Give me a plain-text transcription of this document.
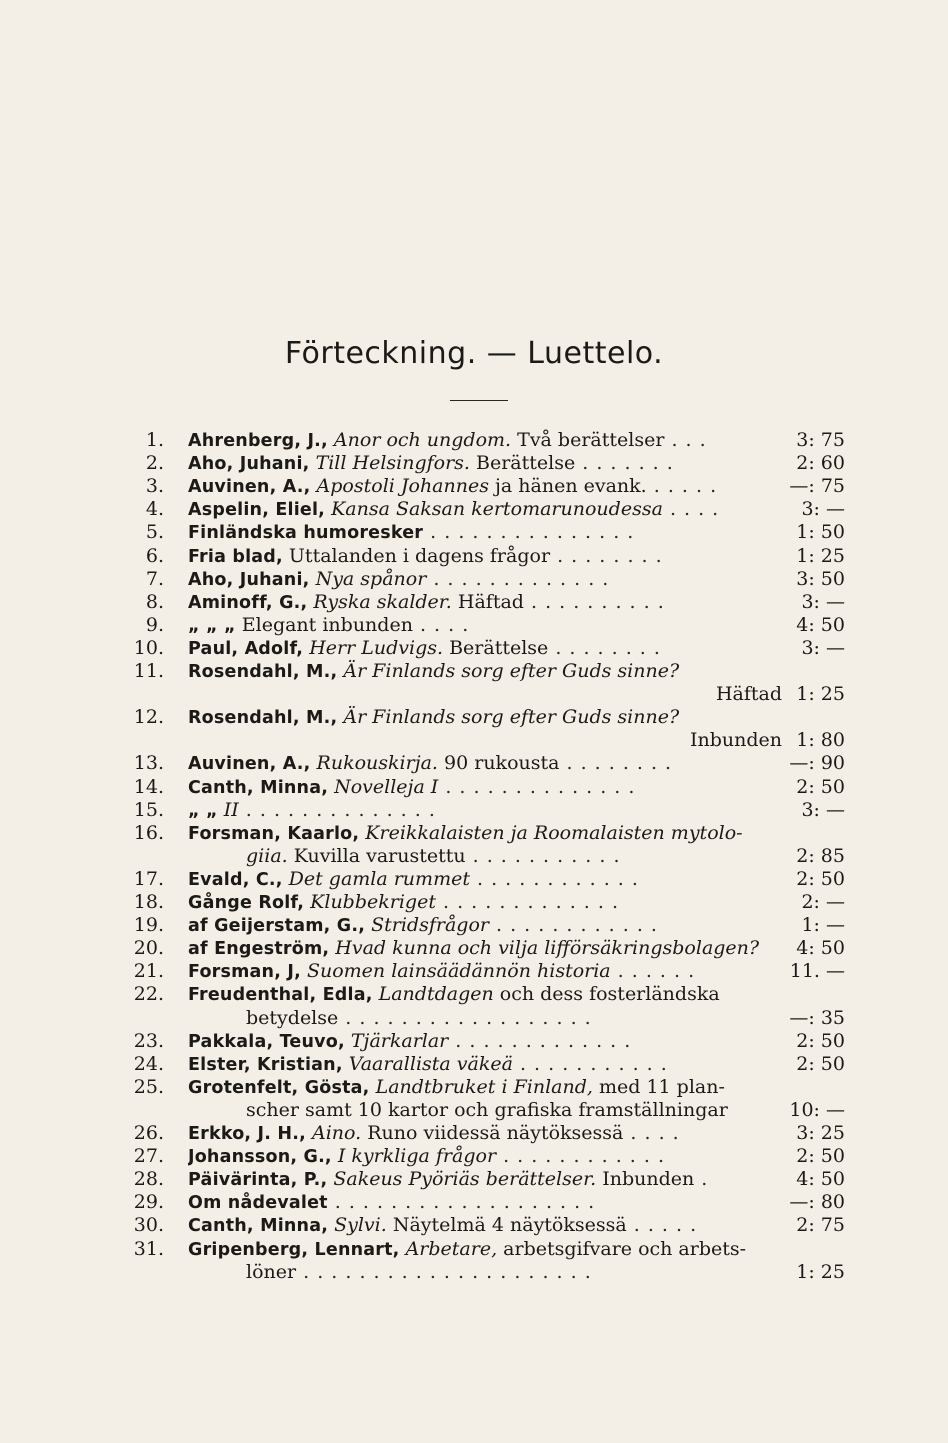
Förteckning. — Luettelo.
1. Ahrenberg, J., Anor och ungdom. Två berättelser . . .	3: 75
2. Aho, Juhani, Till Helsingfors. Berättelse . . . . . . .	2: 60
3. Auvinen, A., Apostoli Johannes ja hänen evank. . . . . .	—: 75
4. Aspelin, Eliel, Kansa Saksan kertomarunoudessa . . . .	3: —
5. Finländska humoresker . . . . . . . . . . . . . . .	1: 50
6. Fria blad, Uttalanden i dagens frågor . . . . . . . .	1: 25
7. Aho, Juhani, Nya spånor . . . . . . . . . . . . .	3: 50
8. Aminoff, G., Ryska skalder. Häftad . . . . . . . . . .	3: —
9. „ „ „ Elegant inbunden . . . .	4: 50
10. Paul, Adolf, Herr Ludvigs. Berättelse . . . . . . . .	3: —
11. Rosendahl, M., Är Finlands sorg efter Guds sinne?
Häftad 1: 25
12. Rosendahl, M., Är Finlands sorg efter Guds sinne?
Inbunden 1: 80
13. Auvinen, A., Rukouskirja. 90 rukousta . . . . . . . .	—: 90
14. Canth, Minna, Novelleja I . . . . . . . . . . . . . .	2: 50
15. „ „ II . . . . . . . . . . . . . .	3: —
16. Forsman, Kaarlo, Kreikkalaisten ja Roomalaisten mytolo-
giia. Kuvilla varustettu . . . . . . . . . . .	2: 85
17. Evald, C., Det gamla rummet . . . . . . . . . . . .	2: 50
18. Gånge Rolf, Klubbekriget . . . . . . . . . . . . .	2: —
19. af Geijerstam, G., Stridsfrågor . . . . . . . . . . . .	1: —
20. af Engeström, Hvad kunna och vilja lifförsäkringsbolagen?	4: 50
21. Forsman, J, Suomen lainsäädännön historia . . . . . .	11. —
22. Freudenthal, Edla, Landtdagen och dess fosterländska
betydelse . . . . . . . . . . . . . . . . . .	—: 35
23. Pakkala, Teuvo, Tjärkarlar . . . . . . . . . . . . .	2: 50
24. Elster, Kristian, Vaarallista väkeä . . . . . . . . . . .	2: 50
25. Grotenfelt, Gösta, Landtbruket i Finland, med 11 plan-
scher samt 10 kartor och grafiska framställningar	10: —
26. Erkko, J. H., Aino. Runo viidessä näytöksessä . . . .	3: 25
27. Johansson, G., I kyrkliga frågor . . . . . . . . . . . .	2: 50
28. Päivärinta, P., Sakeus Pyöriäs berättelser. Inbunden .	4: 50
29. Om nådevalet . . . . . . . . . . . . . . . . . . .	—: 80
30. Canth, Minna, Sylvi. Näytelmä 4 näytöksessä . . . . .	2: 75
31. Gripenberg, Lennart, Arbetare, arbetsgifvare och arbets-
löner . . . . . . . . . . . . . . . . . . . . .	1: 25
